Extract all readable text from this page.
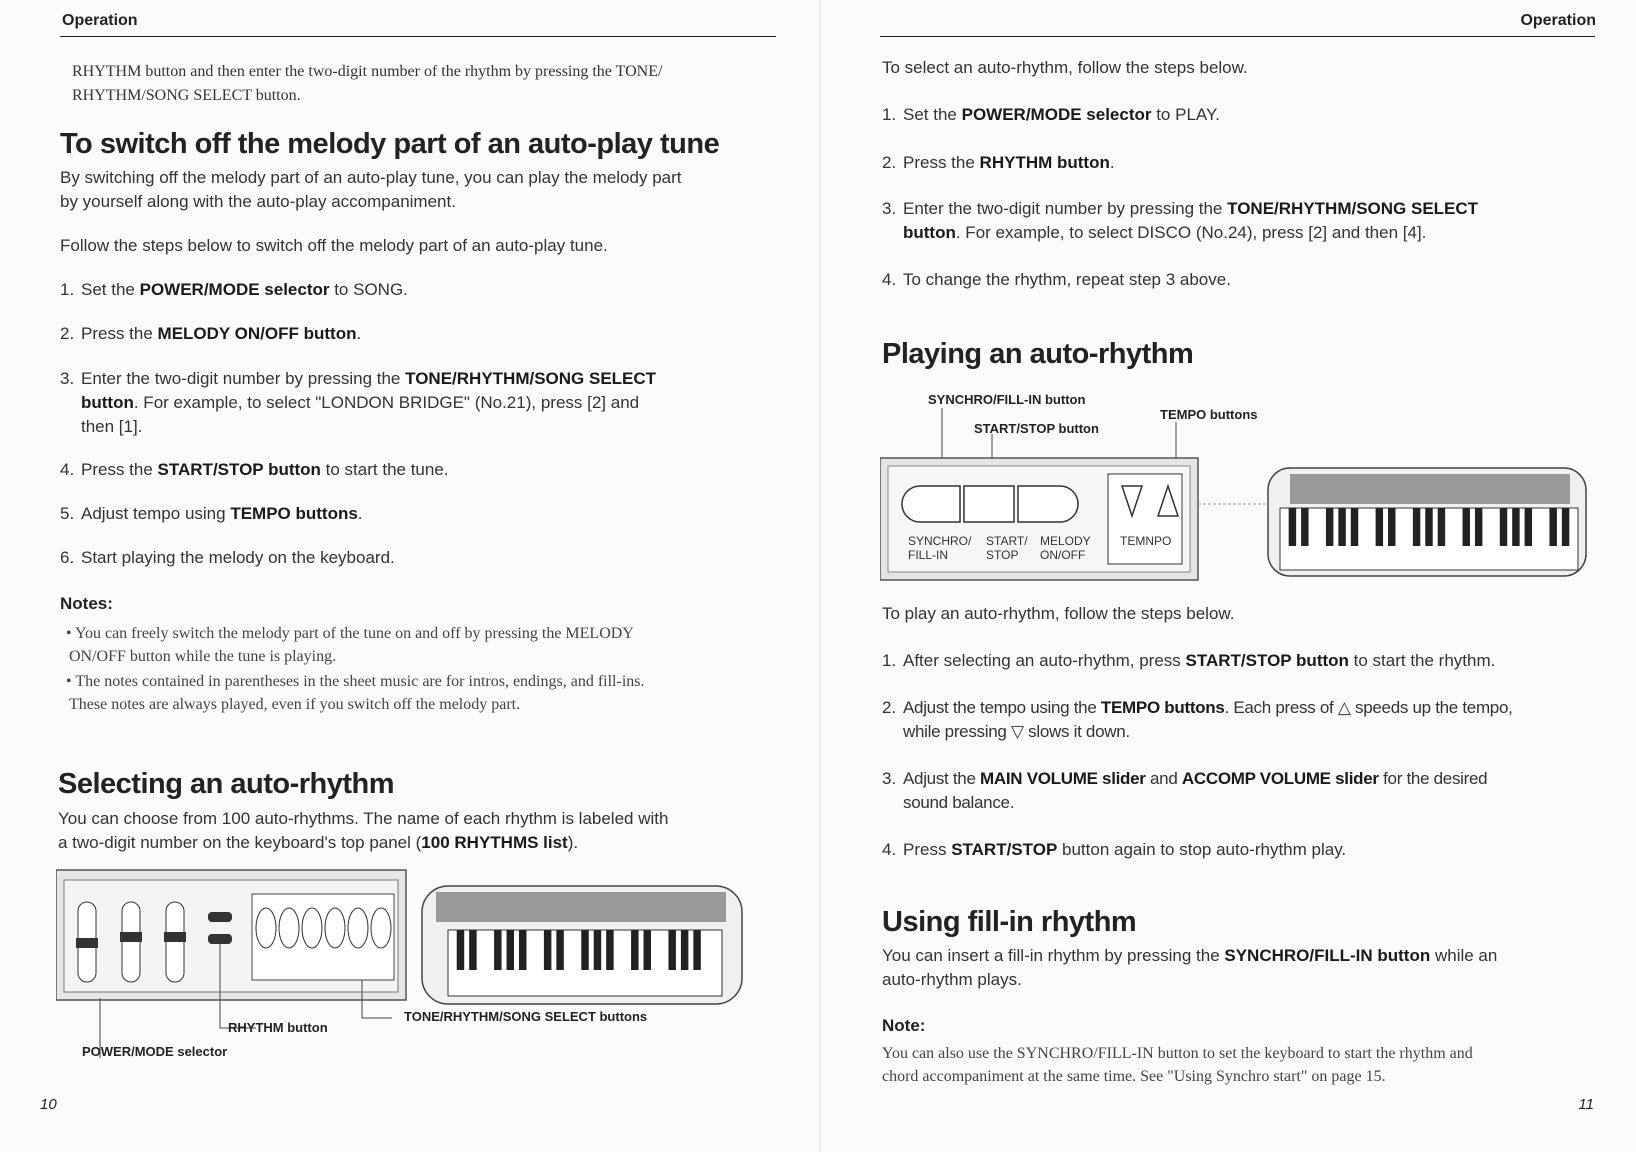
Operation
RHYTHM button and then enter the two-digit number of the rhythm by pressing the TONE/
RHYTHM/SONG SELECT button.
To switch off the melody part of an auto-play tune
By switching off the melody part of an auto-play tune, you can play the melody part
by yourself along with the auto-play accompaniment.
Follow the steps below to switch off the melody part of an auto-play tune.
1. Set the POWER/MODE selector to SONG.
2. Press the MELODY ON/OFF button.
3. Enter the two-digit number by pressing the TONE/RHYTHM/SONG SELECT
button. For example, to select "LONDON BRIDGE" (No.21), press [2] and
then [1].
4. Press the START/STOP button to start the tune.
5. Adjust tempo using TEMPO buttons.
6. Start playing the melody on the keyboard.
Notes:
• You can freely switch the melody part of the tune on and off by pressing the MELODY
ON/OFF button while the tune is playing.
• The notes contained in parentheses in the sheet music are for intros, endings, and fill-ins.
These notes are always played, even if you switch off the melody part.
Selecting an auto-rhythm
You can choose from 100 auto-rhythms. The name of each rhythm is labeled with
a two-digit number on the keyboard's top panel (100 RHYTHMS list).
TONE/RHYTHM/SONG SELECT buttons
RHYTHM button
POWER/MODE selector
10
Operation
To select an auto-rhythm, follow the steps below.
1. Set the POWER/MODE selector to PLAY.
2. Press the RHYTHM button.
3. Enter the two-digit number by pressing the TONE/RHYTHM/SONG SELECT
button. For example, to select DISCO (No.24), press [2] and then [4].
4. To change the rhythm, repeat step 3 above.
Playing an auto-rhythm
SYNCHRO/FILL-IN button
START/STOP button
TEMPO buttons
SYNCHRO/
FILL-IN
START/
STOP
MELODY
ON/OFF
TEMNPO
To play an auto-rhythm, follow the steps below.
1. After selecting an auto-rhythm, press START/STOP button to start the rhythm.
2. Adjust the tempo using the TEMPO buttons. Each press of △ speeds up the tempo,
while pressing ▽ slows it down.
3. Adjust the MAIN VOLUME slider and ACCOMP VOLUME slider for the desired
sound balance.
4. Press START/STOP button again to stop auto-rhythm play.
Using fill-in rhythm
You can insert a fill-in rhythm by pressing the SYNCHRO/FILL-IN button while an
auto-rhythm plays.
Note:
You can also use the SYNCHRO/FILL-IN button to set the keyboard to start the rhythm and
chord accompaniment at the same time. See "Using Synchro start" on page 15.
11
